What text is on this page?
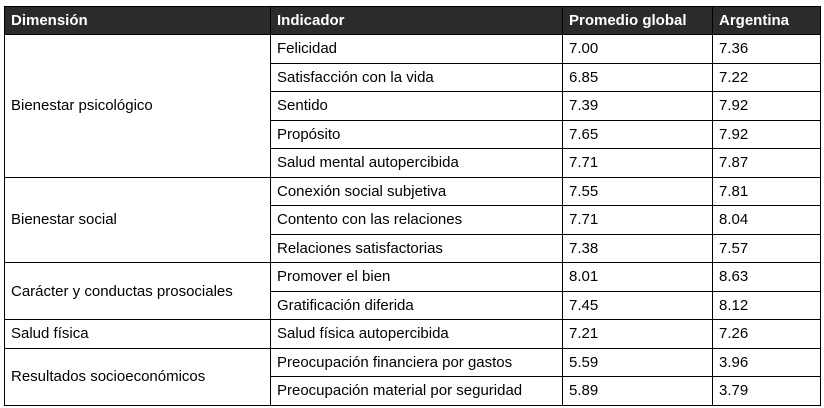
Dimensión	Indicador	Promedio global	Argentina
Bienestar psicológico	Felicidad	7.00	7.36
	Satisfacción con la vida	6.85	7.22
	Sentido	7.39	7.92
	Propósito	7.65	7.92
	Salud mental autopercibida	7.71	7.87
Bienestar social	Conexión social subjetiva	7.55	7.81
	Contento con las relaciones	7.71	8.04
	Relaciones satisfactorias	7.38	7.57
Carácter y conductas prosociales	Promover el bien	8.01	8.63
	Gratificación diferida	7.45	8.12
Salud física	Salud física autopercibida	7.21	7.26
Resultados socioeconómicos	Preocupación financiera por gastos	5.59	3.96
	Preocupación material por seguridad	5.89	3.79
